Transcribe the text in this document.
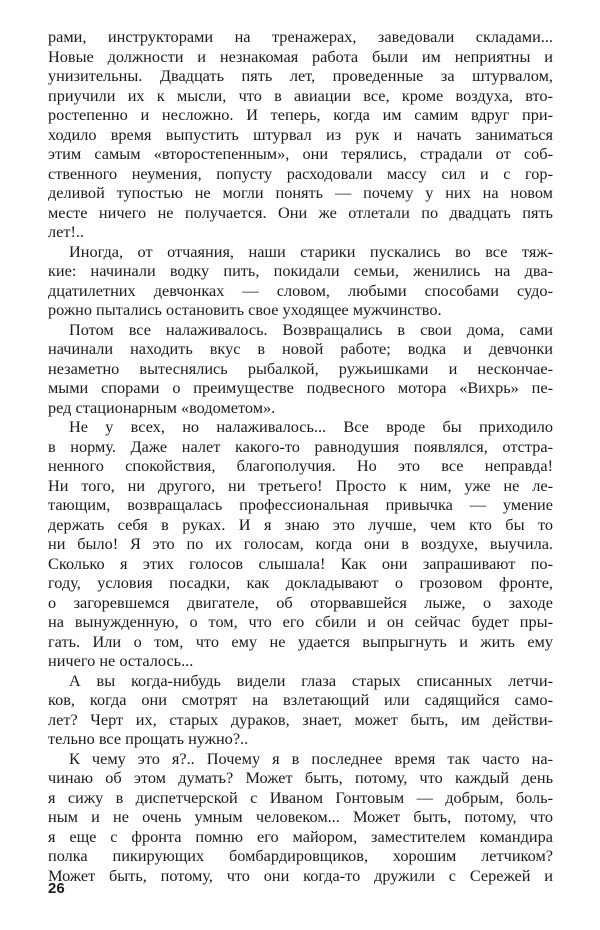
рами, инструкторами на тренажерах, заведовали складами...
Новые должности и незнакомая работа были им неприятны и
унизительны. Двадцать пять лет, проведенные за штурвалом,
приучили их к мысли, что в авиации все, кроме воздуха, вто-
ростепенно и несложно. И теперь, когда им самим вдруг при-
ходило время выпустить штурвал из рук и начать заниматься
этим самым «второстепенным», они терялись, страдали от соб-
ственного неумения, попусту расходовали массу сил и с гор-
деливой тупостью не могли понять — почему у них на новом
месте ничего не получается. Они же отлетали по двадцать пять
лет!..
Иногда, от отчаяния, наши старики пускались во все тяж-
кие: начинали водку пить, покидали семьи, женились на два-
дцатилетних девчонках — словом, любыми способами судо-
рожно пытались остановить свое уходящее мужчинство.
Потом все налаживалось. Возвращались в свои дома, сами
начинали находить вкус в новой работе; водка и девчонки
незаметно вытеснялись рыбалкой, ружьишками и нескончае-
мыми спорами о преимуществе подвесного мотора «Вихрь» пе-
ред стационарным «водометом».
Не у всех, но налаживалось... Все вроде бы приходило
в норму. Даже налет какого-то равнодушия появлялся, отстра-
ненного спокойствия, благополучия. Но это все неправда!
Ни того, ни другого, ни третьего! Просто к ним, уже не ле-
тающим, возвращалась профессиональная привычка — умение
держать себя в руках. И я знаю это лучше, чем кто бы то
ни было! Я это по их голосам, когда они в воздухе, выучила.
Сколько я этих голосов слышала! Как они запрашивают по-
году, условия посадки, как докладывают о грозовом фронте,
о загоревшемся двигателе, об оторвавшейся лыже, о заходе
на вынужденную, о том, что его сбили и он сейчас будет пры-
гать. Или о том, что ему не удается выпрыгнуть и жить ему
ничего не осталось...
А вы когда-нибудь видели глаза старых списанных летчи-
ков, когда они смотрят на взлетающий или садящийся само-
лет? Черт их, старых дураков, знает, может быть, им действи-
тельно все прощать нужно?..
К чему это я?.. Почему я в последнее время так часто на-
чинаю об этом думать? Может быть, потому, что каждый день
я сижу в диспетчерской с Иваном Гонтовым — добрым, боль-
ным и не очень умным человеком... Может быть, потому, что
я еще с фронта помню его майором, заместителем командира
полка пикирующих бомбардировщиков, хорошим летчиком?
Может быть, потому, что они когда-то дружили с Сережей и
26
